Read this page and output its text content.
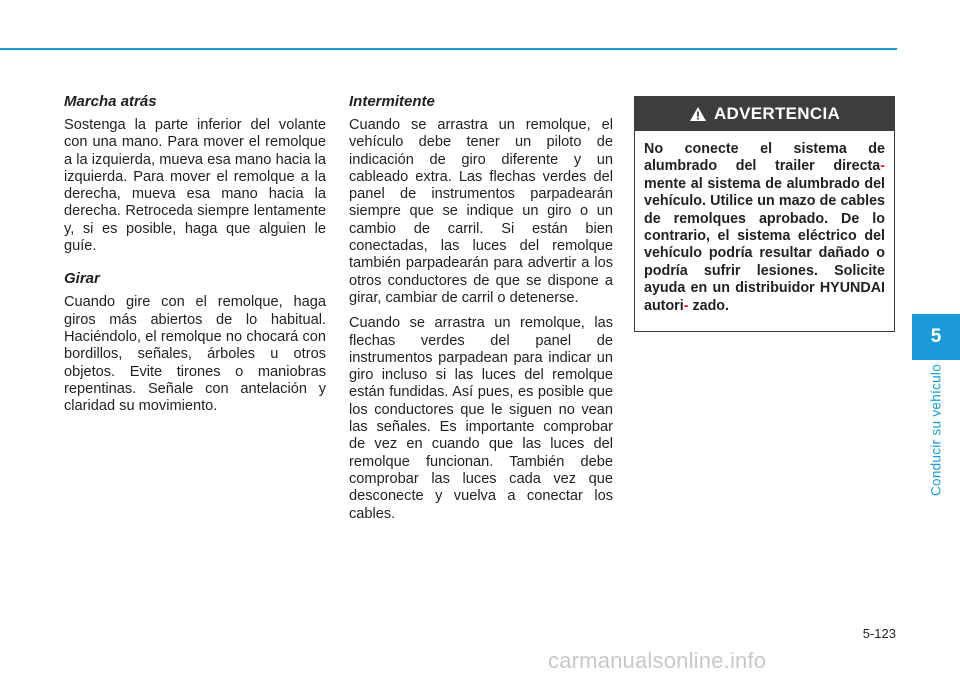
Marcha atrás

Sostenga la parte inferior del volante con una mano. Para mover el remolque a la izquierda, mueva esa mano hacia la izquierda. Para mover el remolque a la derecha, mueva esa mano hacia la derecha. Retroceda siempre lentamente y, si es posible, haga que alguien le guíe.

Girar

Cuando gire con el remolque, haga giros más abiertos de lo habitual. Haciéndolo, el remolque no chocará con bordillos, señales, árboles u otros objetos. Evite tirones o maniobras repentinas. Señale con antelación y claridad su movimiento.

Intermitente

Cuando se arrastra un remolque, el vehículo debe tener un piloto de indicación de giro diferente y un cableado extra. Las flechas verdes del panel de instrumentos parpadearán siempre que se indique un giro o un cambio de carril. Si están bien conectadas, las luces del remolque también parpadearán para advertir a los otros conductores de que se dispone a girar, cambiar de carril o detenerse.

Cuando se arrastra un remolque, las flechas verdes del panel de instrumentos parpadean para indicar un giro incluso si las luces del remolque están fundidas. Así pues, es posible que los conductores que le siguen no vean las señales. Es importante comprobar de vez en cuando que las luces del remolque funcionan. También debe comprobar las luces cada vez que desconecte y vuelva a conectar los cables.

ADVERTENCIA
No conecte el sistema de alumbrado del trailer directa- mente al sistema de alumbrado del vehículo. Utilice un mazo de cables de remolques aprobado. De lo contrario, el sistema eléctrico del vehículo podría resultar dañado o podría sufrir lesiones. Solicite ayuda en un distribuidor HYUNDAI autori- zado.
5
Conducir su vehículo
5-123
carmanualsonline.info
